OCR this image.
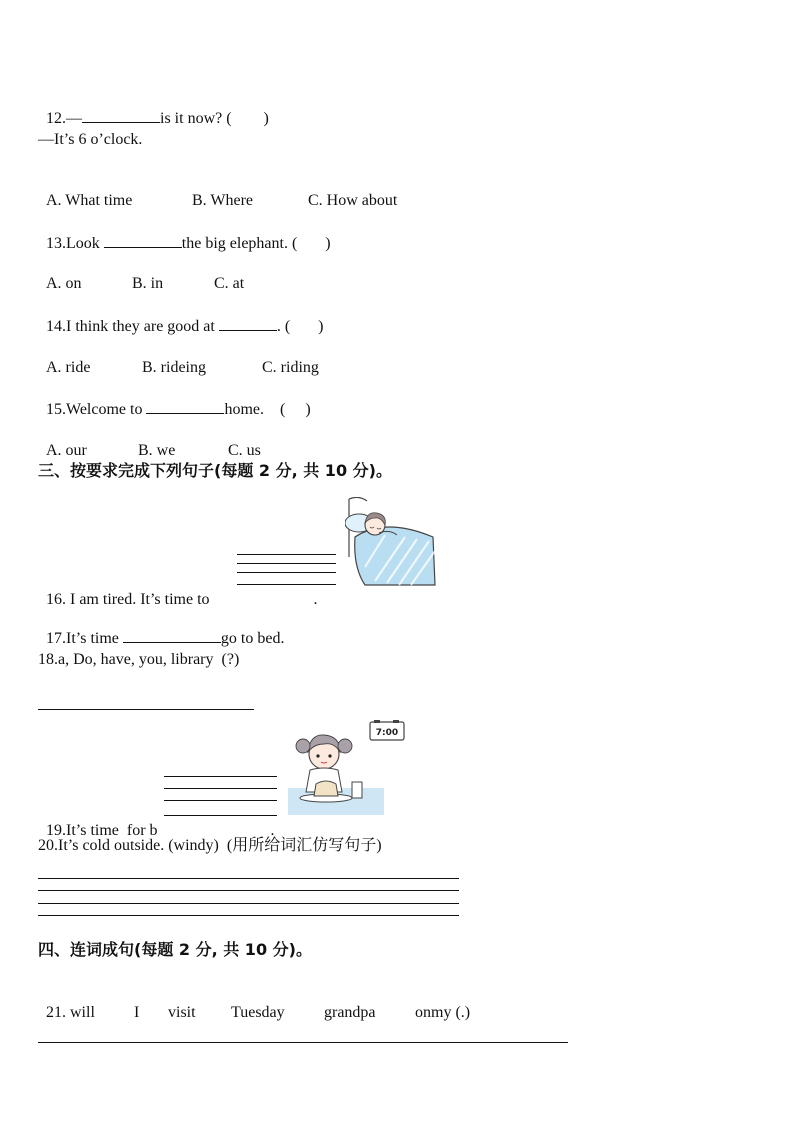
12.—	is it now? (        )

—It’s 6 o’clock.

A. What time	B. Where	C. How about

13.Look	the big elephant. (       )

A. on	B. in	C. at

14.I think they are good at	. (       )

A. ride	B. rideing	C. riding

15.Welcome to	home.    (     )

A. our	B. we	C. us

三、按要求完成下列句子(每题 2 分, 共 10 分)。

16. I am tired. It’s time to	.

17.It’s time	go to bed.

18.a, Do, have, you, library  (?)
7:00

19.It’s time  for b	.

20.It’s cold outside. (windy)  (用所给词汇仿写句子)
四、连词成句(每题 2 分, 共 10 分)。

21. will I visit Tuesday grandpa onmy (.)
